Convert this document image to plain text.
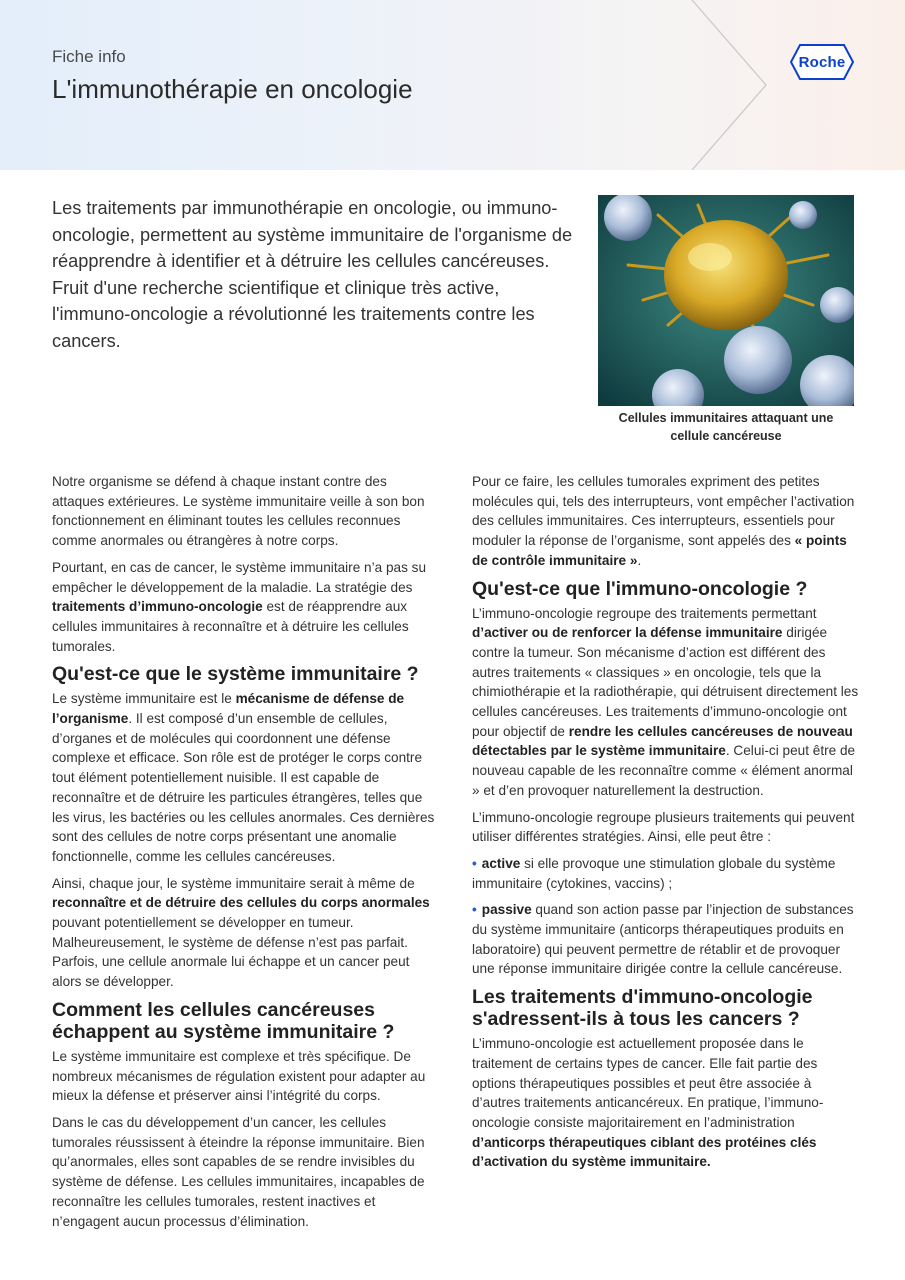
Fiche info
L'immunothérapie en oncologie
Roche

Les traitements par immunothérapie en oncologie, ou immuno-oncologie, permettent au système immunitaire de l'organisme de réapprendre à identifier et à détruire les cellules cancéreuses. Fruit d'une recherche scientifique et clinique très active, l'immuno-oncologie a révolutionné les traitements contre les cancers.

Cellules immunitaires attaquant une cellule cancéreuse

Notre organisme se défend à chaque instant contre des attaques extérieures. Le système immunitaire veille à son bon fonctionnement en éliminant toutes les cellules reconnues comme anormales ou étrangères à notre corps.

Pourtant, en cas de cancer, le système immunitaire n’a pas su empêcher le développement de la maladie. La stratégie des traitements d’immuno-oncologie est de réapprendre aux cellules immunitaires à reconnaître et à détruire les cellules tumorales.

Qu'est-ce que le système immunitaire ?

Le système immunitaire est le mécanisme de défense de l’organisme. Il est composé d’un ensemble de cellules, d’organes et de molécules qui coordonnent une défense complexe et efficace. Son rôle est de protéger le corps contre tout élément potentiellement nuisible. Il est capable de reconnaître et de détruire les particules étrangères, telles que les virus, les bactéries ou les cellules anormales. Ces dernières sont des cellules de notre corps présentant une anomalie fonctionnelle, comme les cellules cancéreuses.

Ainsi, chaque jour, le système immunitaire serait à même de reconnaître et de détruire des cellules du corps anormales pouvant potentiellement se développer en tumeur. Malheureusement, le système de défense n’est pas parfait. Parfois, une cellule anormale lui échappe et un cancer peut alors se développer.

Comment les cellules cancéreuses échappent au système immunitaire ?

Le système immunitaire est complexe et très spécifique. De nombreux mécanismes de régulation existent pour adapter au mieux la défense et préserver ainsi l’intégrité du corps.

Dans le cas du développement d’un cancer, les cellules tumorales réussissent à éteindre la réponse immunitaire. Bien qu’anormales, elles sont capables de se rendre invisibles du système de défense. Les cellules immunitaires, incapables de reconnaître les cellules tumorales, restent inactives et n’engagent aucun processus d’élimination.

Pour ce faire, les cellules tumorales expriment des petites molécules qui, tels des interrupteurs, vont empêcher l’activation des cellules immunitaires. Ces interrupteurs, essentiels pour moduler la réponse de l’organisme, sont appelés des « points de contrôle immunitaire ».

Qu'est-ce que l'immuno-oncologie ?

L’immuno-oncologie regroupe des traitements permettant d’activer ou de renforcer la défense immunitaire dirigée contre la tumeur. Son mécanisme d’action est différent des autres traitements « classiques » en oncologie, tels que la chimiothérapie et la radiothérapie, qui détruisent directement les cellules cancéreuses. Les traitements d’immuno-oncologie ont pour objectif de rendre les cellules cancéreuses de nouveau détectables par le système immunitaire. Celui-ci peut être de nouveau capable de les reconnaître comme « élément anormal » et d’en provoquer naturellement la destruction.

L’immuno-oncologie regroupe plusieurs traitements qui peuvent utiliser différentes stratégies. Ainsi, elle peut être :

• active si elle provoque une stimulation globale du système immunitaire (cytokines, vaccins) ;

• passive quand son action passe par l’injection de substances du système immunitaire (anticorps thérapeutiques produits en laboratoire) qui peuvent permettre de rétablir et de provoquer une réponse immunitaire dirigée contre la cellule cancéreuse.

Les traitements d'immuno-oncologie s'adressent-ils à tous les cancers ?

L’immuno-oncologie est actuellement proposée dans le traitement de certains types de cancer. Elle fait partie des options thérapeutiques possibles et peut être associée à d’autres traitements anticancéreux. En pratique, l’immuno-oncologie consiste majoritairement en l’administration d’anticorps thérapeutiques ciblant des protéines clés d’activation du système immunitaire.
